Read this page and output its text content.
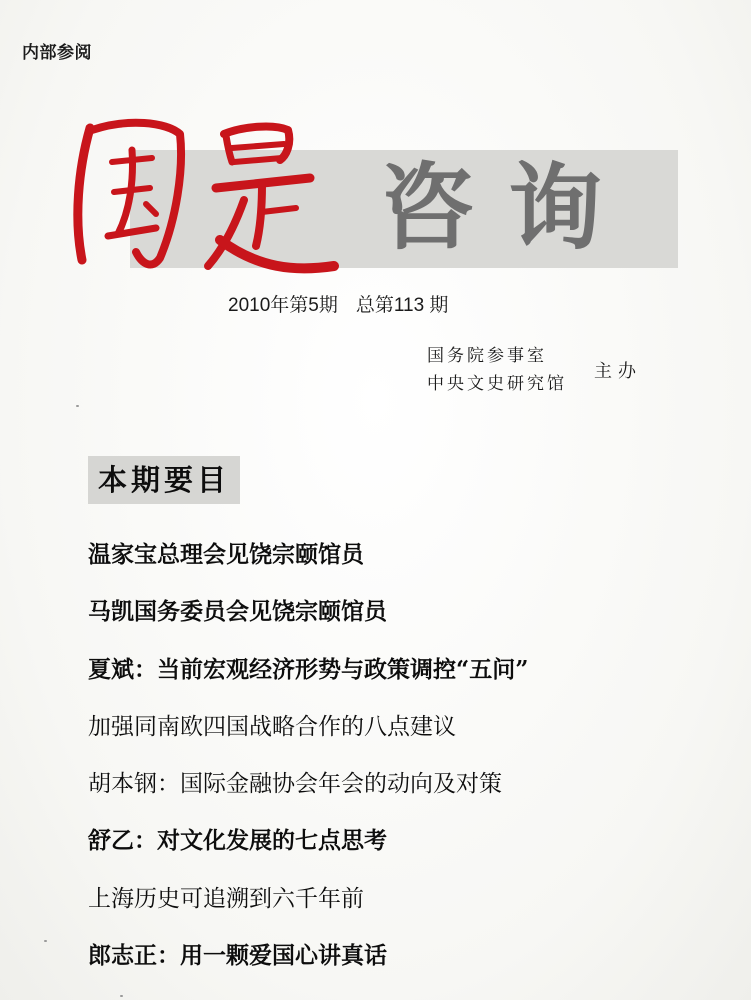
内部参阅
咨询
2010年第5期 总第113 期
国务院参事室
中央文史研究馆
主办
本期要目
温家宝总理会见饶宗颐馆员
马凯国务委员会见饶宗颐馆员
夏斌：当前宏观经济形势与政策调控“五问”
加强同南欧四国战略合作的八点建议
胡本钢：国际金融协会年会的动向及对策
舒乙：对文化发展的七点思考
上海历史可追溯到六千年前
郎志正：用一颗爱国心讲真话
